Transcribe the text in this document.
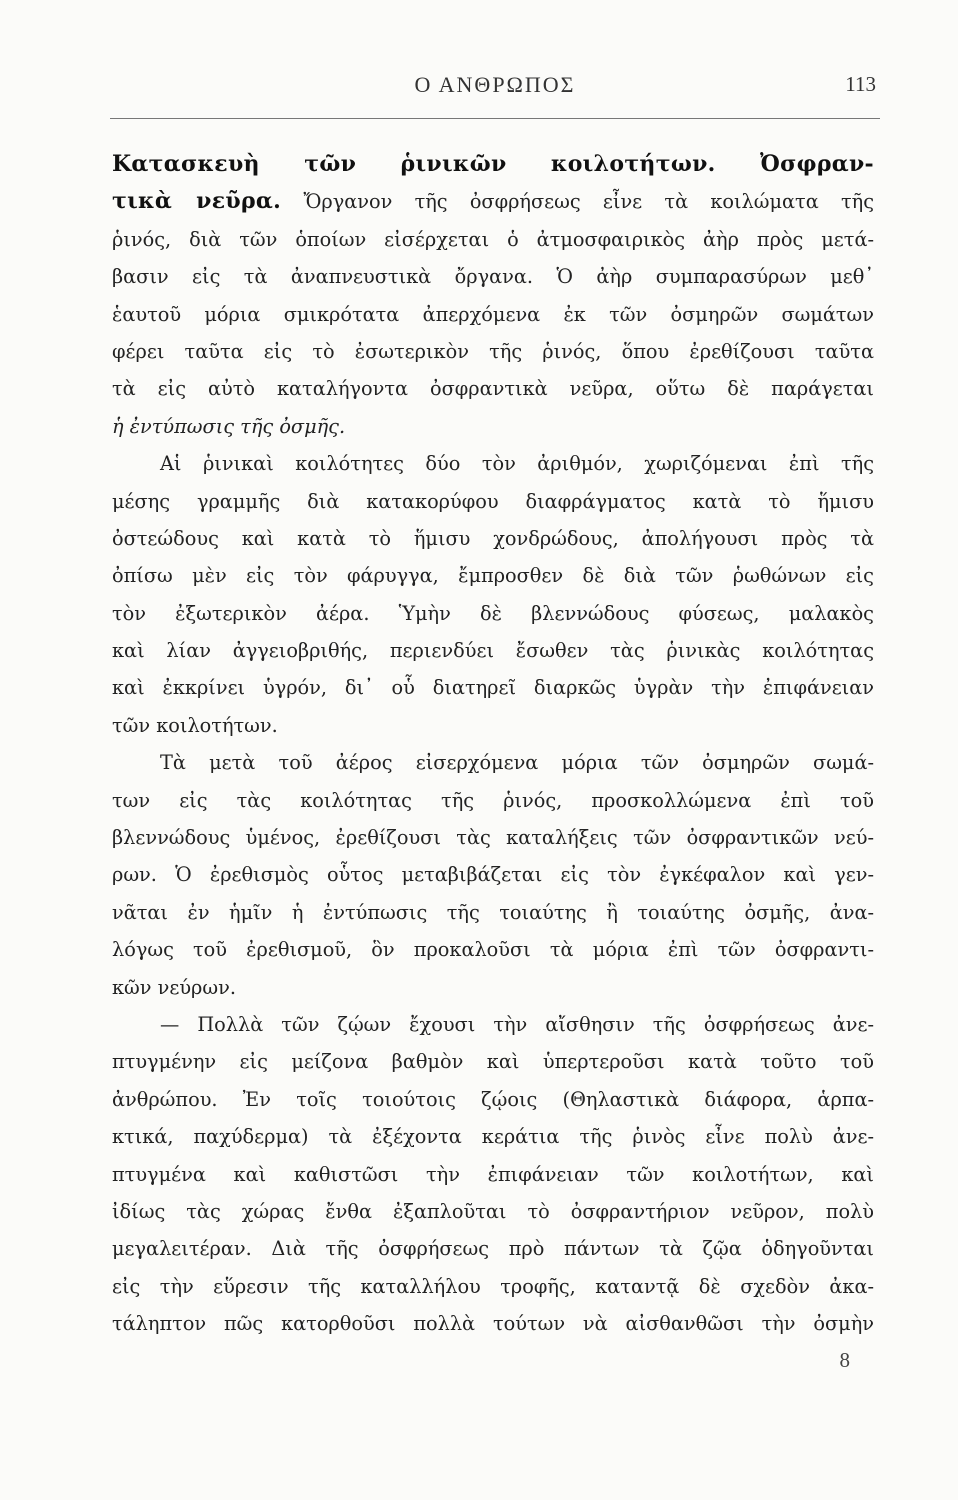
Ο ΑΝΘΡΩΠΟΣ	113
Κατασκευὴ τῶν ῥινικῶν κοιλοτήτων. Ὀσφραν-
τικὰ νεῦρα. Ὄργανον τῆς ὀσφρήσεως εἶνε τὰ κοιλώματα τῆς
ῥινός, διὰ τῶν ὁποίων εἰσέρχεται ὁ ἀτμοσφαιρικὸς ἀὴρ πρὸς μετά-
βασιν εἰς τὰ ἀναπνευστικὰ ὄργανα. Ὁ ἀὴρ συμπαρασύρων μεθ᾽
ἑαυτοῦ μόρια σμικρότατα ἀπερχόμενα ἐκ τῶν ὀσμηρῶν σωμάτων
φέρει ταῦτα εἰς τὸ ἐσωτερικὸν τῆς ῥινός, ὅπου ἐρεθίζουσι ταῦτα
τὰ εἰς αὐτὸ καταλήγοντα ὀσφραντικὰ νεῦρα, οὕτω δὲ παράγεται
ἡ ἐντύπωσις τῆς ὀσμῆς.
Αἱ ῥινικαὶ κοιλότητες δύο τὸν ἀριθμόν, χωριζόμεναι ἐπὶ τῆς
μέσης γραμμῆς διὰ κατακορύφου διαφράγματος κατὰ τὸ ἥμισυ
ὀστεώδους καὶ κατὰ τὸ ἥμισυ χονδρώδους, ἀπολήγουσι πρὸς τὰ
ὀπίσω μὲν εἰς τὸν φάρυγγα, ἔμπροσθεν δὲ διὰ τῶν ῥωθώνων εἰς
τὸν ἐξωτερικὸν ἀέρα. Ὑμὴν δὲ βλεννώδους φύσεως, μαλακὸς
καὶ λίαν ἀγγειοβριθής, περιενδύει ἔσωθεν τὰς ῥινικὰς κοιλότητας
καὶ ἐκκρίνει ὑγρόν, δι᾽ οὗ διατηρεῖ διαρκῶς ὑγρὰν τὴν ἐπιφάνειαν
τῶν κοιλοτήτων.
Τὰ μετὰ τοῦ ἀέρος εἰσερχόμενα μόρια τῶν ὀσμηρῶν σωμά-
των εἰς τὰς κοιλότητας τῆς ῥινός, προσκολλώμενα ἐπὶ τοῦ
βλεννώδους ὑμένος, ἐρεθίζουσι τὰς καταλήξεις τῶν ὀσφραντικῶν νεύ-
ρων. Ὁ ἐρεθισμὸς οὗτος μεταβιβάζεται εἰς τὸν ἐγκέφαλον καὶ γεν-
νᾶται ἐν ἡμῖν ἡ ἐντύπωσις τῆς τοιαύτης ἢ τοιαύτης ὀσμῆς, ἀνα-
λόγως τοῦ ἐρεθισμοῦ, ὃν προκαλοῦσι τὰ μόρια ἐπὶ τῶν ὀσφραντι-
κῶν νεύρων.
— Πολλὰ τῶν ζῴων ἔχουσι τὴν αἴσθησιν τῆς ὀσφρήσεως ἀνε-
πτυγμένην εἰς μείζονα βαθμὸν καὶ ὑπερτεροῦσι κατὰ τοῦτο τοῦ
ἀνθρώπου. Ἐν τοῖς τοιούτοις ζῴοις (Θηλαστικὰ διάφορα, ἁρπα-
κτικά, παχύδερμα) τὰ ἐξέχοντα κεράτια τῆς ῥινὸς εἶνε πολὺ ἀνε-
πτυγμένα καὶ καθιστῶσι τὴν ἐπιφάνειαν τῶν κοιλοτήτων, καὶ
ἰδίως τὰς χώρας ἔνθα ἐξαπλοῦται τὸ ὀσφραντήριον νεῦρον, πολὺ
μεγαλειτέραν. Διὰ τῆς ὀσφρήσεως πρὸ πάντων τὰ ζῷα ὁδηγοῦνται
εἰς τὴν εὕρεσιν τῆς καταλλήλου τροφῆς, καταντᾷ δὲ σχεδὸν ἀκα-
τάληπτον πῶς κατορθοῦσι πολλὰ τούτων νὰ αἰσθανθῶσι τὴν ὀσμὴν
8
